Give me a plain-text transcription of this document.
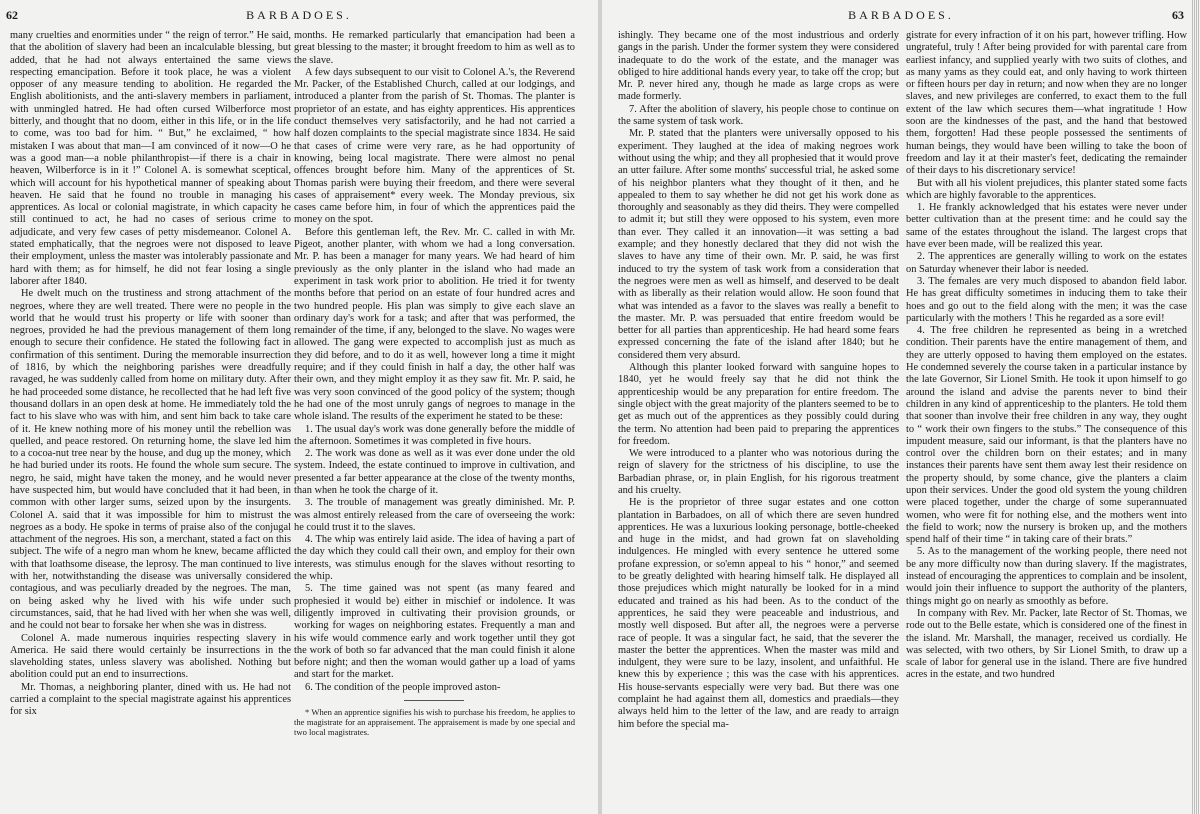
62	BARBADOES.

many cruelties and enormities under “ the reign of terror.” He said, that the abolition of slavery had been an incalculable blessing, but added, that he had not always entertained the same views respecting emancipation. Before it took place, he was a violent opposer of any measure tending to abolition. He regarded the English abolitionists, and the anti-slavery members in parliament, with unmingled hatred. He had often cursed Wilberforce most bitterly, and thought that no doom, either in this life, or in the life to come, was too bad for him. “ But,” he exclaimed, “ how mistaken I was about that man—I am convinced of it now—O he was a good man—a noble philanthropist—if there is a chair in heaven, Wilberforce is in it !” Colonel A. is somewhat sceptical, which will account for his hypothetical manner of speaking about heaven. He said that he found no trouble in managing his apprentices. As local or colonial magistrate, in which capacity he still continued to act, he had no cases of serious crime to adjudicate, and very few cases of petty misdemeanor. Colonel A. stated emphatically, that the negroes were not disposed to leave their employment, unless the master was intolerably passionate and hard with them; as for himself, he did not fear losing a single laborer after 1840.

He dwelt much on the trustiness and strong attachment of the negroes, where they are well treated. There were no people in the world that he would trust his property or life with sooner than negroes, provided he had the previous management of them long enough to secure their confidence. He stated the following fact in confirmation of this sentiment. During the memorable insurrection of 1816, by which the neighboring parishes were dreadfully ravaged, he was suddenly called from home on military duty. After he had proceeded some distance, he recollected that he had left five thousand dollars in an open desk at home. He immediately told the fact to his slave who was with him, and sent him back to take care of it. He knew nothing more of his money until the rebellion was quelled, and peace restored. On returning home, the slave led him to a cocoa-nut tree near by the house, and dug up the money, which he had buried under its roots. He found the whole sum secure. The negro, he said, might have taken the money, and he would never have suspected him, but would have concluded that it had been, in common with other larger sums, seized upon by the insurgents. Colonel A. said that it was impossible for him to mistrust the negroes as a body. He spoke in terms of praise also of the conjugal attachment of the negroes. His son, a merchant, stated a fact on this subject. The wife of a negro man whom he knew, became afflicted with that loathsome disease, the leprosy. The man continued to live with her, notwithstanding the disease was universally considered contagious, and was peculiarly dreaded by the negroes. The man, on being asked why he lived with his wife under such circumstances, said, that he had lived with her when she was well, and he could not bear to forsake her when she was in distress.

Colonel A. made numerous inquiries respecting slavery in America. He said there would certainly be insurrections in the slaveholding states, unless slavery was abolished. Nothing but abolition could put an end to insurrections.

Mr. Thomas, a neighboring planter, dined with us. He had not carried a complaint to the special magistrate against his apprentices for six

months. He remarked particularly that emancipation had been a great blessing to the master; it brought freedom to him as well as to the slave.

A few days subsequent to our visit to Colonel A.'s, the Reverend Mr. Packer, of the Established Church, called at our lodgings, and introduced a planter from the parish of St. Thomas. The planter is proprietor of an estate, and has eighty apprentices. His apprentices conduct themselves very satisfactorily, and he had not carried a half dozen complaints to the special magistrate since 1834. He said that cases of crime were very rare, as he had opportunity of knowing, being local magistrate. There were almost no penal offences brought before him. Many of the apprentices of St. Thomas parish were buying their freedom, and there were several cases of appraisement* every week. The Monday previous, six cases came before him, in four of which the apprentices paid the money on the spot.

Before this gentleman left, the Rev. Mr. C. called in with Mr. Pigeot, another planter, with whom we had a long conversation. Mr. P. has been a manager for many years. We had heard of him previously as the only planter in the island who had made an experiment in task work prior to abolition. He tried it for twenty months before that period on an estate of four hundred acres and two hundred people. His plan was simply to give each slave an ordinary day's work for a task; and after that was performed, the remainder of the time, if any, belonged to the slave. No wages were allowed. The gang were expected to accomplish just as much as they did before, and to do it as well, however long a time it might require; and if they could finish in half a day, the other half was their own, and they might employ it as they saw fit. Mr. P. said, he was very soon convinced of the good policy of the system; though he had one of the most unruly gangs of negroes to manage in the whole island. The results of the experiment he stated to be these:

1. The usual day's work was done generally before the middle of the afternoon. Sometimes it was completed in five hours.

2. The work was done as well as it was ever done under the old system. Indeed, the estate continued to improve in cultivation, and presented a far better appearance at the close of the twenty months, than when he took the charge of it.

3. The trouble of management was greatly diminished. Mr. P. was almost entirely released from the care of overseeing the work: he could trust it to the slaves.

4. The whip was entirely laid aside. The idea of having a part of the day which they could call their own, and employ for their own interests, was stimulus enough for the slaves without resorting to the whip.

5. The time gained was not spent (as many feared and prophesied it would be) either in mischief or indolence. It was diligently improved in cultivating their provision grounds, or working for wages on neighboring estates. Frequently a man and his wife would commence early and work together until they got the work of both so far advanced that the man could finish it alone before night; and then the woman would gather up a load of yams and start for the market.

6. The condition of the people improved aston-

* When an apprentice signifies his wish to purchase his freedom, he applies to the magistrate for an appraisement. The appraisement is made by one special and two local magistrates.

BARBADOES.	63

ishingly. They became one of the most industrious and orderly gangs in the parish. Under the former system they were considered inadequate to do the work of the estate, and the manager was obliged to hire additional hands every year, to take off the crop; but Mr. P. never hired any, though he made as large crops as were made formerly.

7. After the abolition of slavery, his people chose to continue on the same system of task work.

Mr. P. stated that the planters were universally opposed to his experiment. They laughed at the idea of making negroes work without using the whip; and they all prophesied that it would prove an utter failure. After some months' successful trial, he asked some of his neighbor planters what they thought of it then, and he appealed to them to say whether he did not get his work done as thoroughly and seasonably as they did theirs. They were compelled to admit it; but still they were opposed to his system, even more than ever. They called it an innovation—it was setting a bad example; and they honestly declared that they did not wish the slaves to have any time of their own. Mr. P. said, he was first induced to try the system of task work from a consideration that the negroes were men as well as himself, and deserved to be dealt with as liberally as their relation would allow. He soon found that what was intended as a favor to the slaves was really a benefit to the master. Mr. P. was persuaded that entire freedom would be better for all parties than apprenticeship. He had heard some fears expressed concerning the fate of the island after 1840; but he considered them very absurd.

Although this planter looked forward with sanguine hopes to 1840, yet he would freely say that he did not think the apprenticeship would be any preparation for entire freedom. The single object with the great majority of the planters seemed to be to get as much out of the apprentices as they possibly could during the term. No attention had been paid to preparing the apprentices for freedom.

We were introduced to a planter who was notorious during the reign of slavery for the strictness of his discipline, to use the Barbadian phrase, or, in plain English, for his rigorous treatment and his cruelty.

He is the proprietor of three sugar estates and one cotton plantation in Barbadoes, on all of which there are seven hundred apprentices. He was a luxurious looking personage, bottle-cheeked and huge in the midst, and had grown fat on slaveholding indulgences. He mingled with every sentence he uttered some profane expression, or so'emn appeal to his “ honor,” and seemed to be greatly delighted with hearing himself talk. He displayed all those prejudices which might naturally be looked for in a mind educated and trained as his had been. As to the conduct of the apprentices, he said they were peaceable and industrious, and mostly well disposed. But after all, the negroes were a perverse race of people. It was a singular fact, he said, that the severer the master the better the apprentices. When the master was mild and indulgent, they were sure to be lazy, insolent, and unfaithful. He knew this by experience ; this was the case with his apprentices. His house-servants especially were very bad. But there was one complaint he had against them all, domestics and praedials—they always held him to the letter of the law, and are ready to arraign him before the special ma-

gistrate for every infraction of it on his part, however trifling. How ungrateful, truly ! After being provided for with parental care from earliest infancy, and supplied yearly with two suits of clothes, and as many yams as they could eat, and only having to work thirteen or fifteen hours per day in return; and now when they are no longer slaves, and new privileges are conferred, to exact them to the full extent of the law which secures them—what ingratitude ! How soon are the kindnesses of the past, and the hand that bestowed them, forgotten! Had these people possessed the sentiments of human beings, they would have been willing to take the boon of freedom and lay it at their master's feet, dedicating the remainder of their days to his discretionary service!

But with all his violent prejudices, this planter stated some facts which are highly favorable to the apprentices.

1. He frankly acknowledged that his estates were never under better cultivation than at the present time: and he could say the same of the estates throughout the island. The largest crops that have ever been made, will be realized this year.

2. The apprentices are generally willing to work on the estates on Saturday whenever their labor is needed.

3. The females are very much disposed to abandon field labor. He has great difficulty sometimes in inducing them to take their hoes and go out to the field along with the men; it was the case particularly with the mothers ! This he regarded as a sore evil!

4. The free children he represented as being in a wretched condition. Their parents have the entire management of them, and they are utterly opposed to having them employed on the estates. He condemned severely the course taken in a particular instance by the late Governor, Sir Lionel Smith. He took it upon himself to go around the island and advise the parents never to bind their children in any kind of apprenticeship to the planters. He told them that sooner than involve their free children in any way, they ought to “ work their own fingers to the stubs.” The consequence of this impudent measure, said our informant, is that the planters have no control over the children born on their estates; and in many instances their parents have sent them away lest their residence on the property should, by some chance, give the planters a claim upon their services. Under the good old system the young children were placed together, under the charge of some superannuated women, who were fit for nothing else, and the mothers went into the field to work; now the nursery is broken up, and the mothers spend half of their time “ in taking care of their brats.”

5. As to the management of the working people, there need not be any more difficulty now than during slavery. If the magistrates, instead of encouraging the apprentices to complain and be insolent, would join their influence to support the authority of the planters, things might go on nearly as smoothly as before.

In company with Rev. Mr. Packer, late Rector of St. Thomas, we rode out to the Belle estate, which is considered one of the finest in the island. Mr. Marshall, the manager, received us cordially. He was selected, with two others, by Sir Lionel Smith, to draw up a scale of labor for general use in the island. There are five hundred acres in the estate, and two hundred
